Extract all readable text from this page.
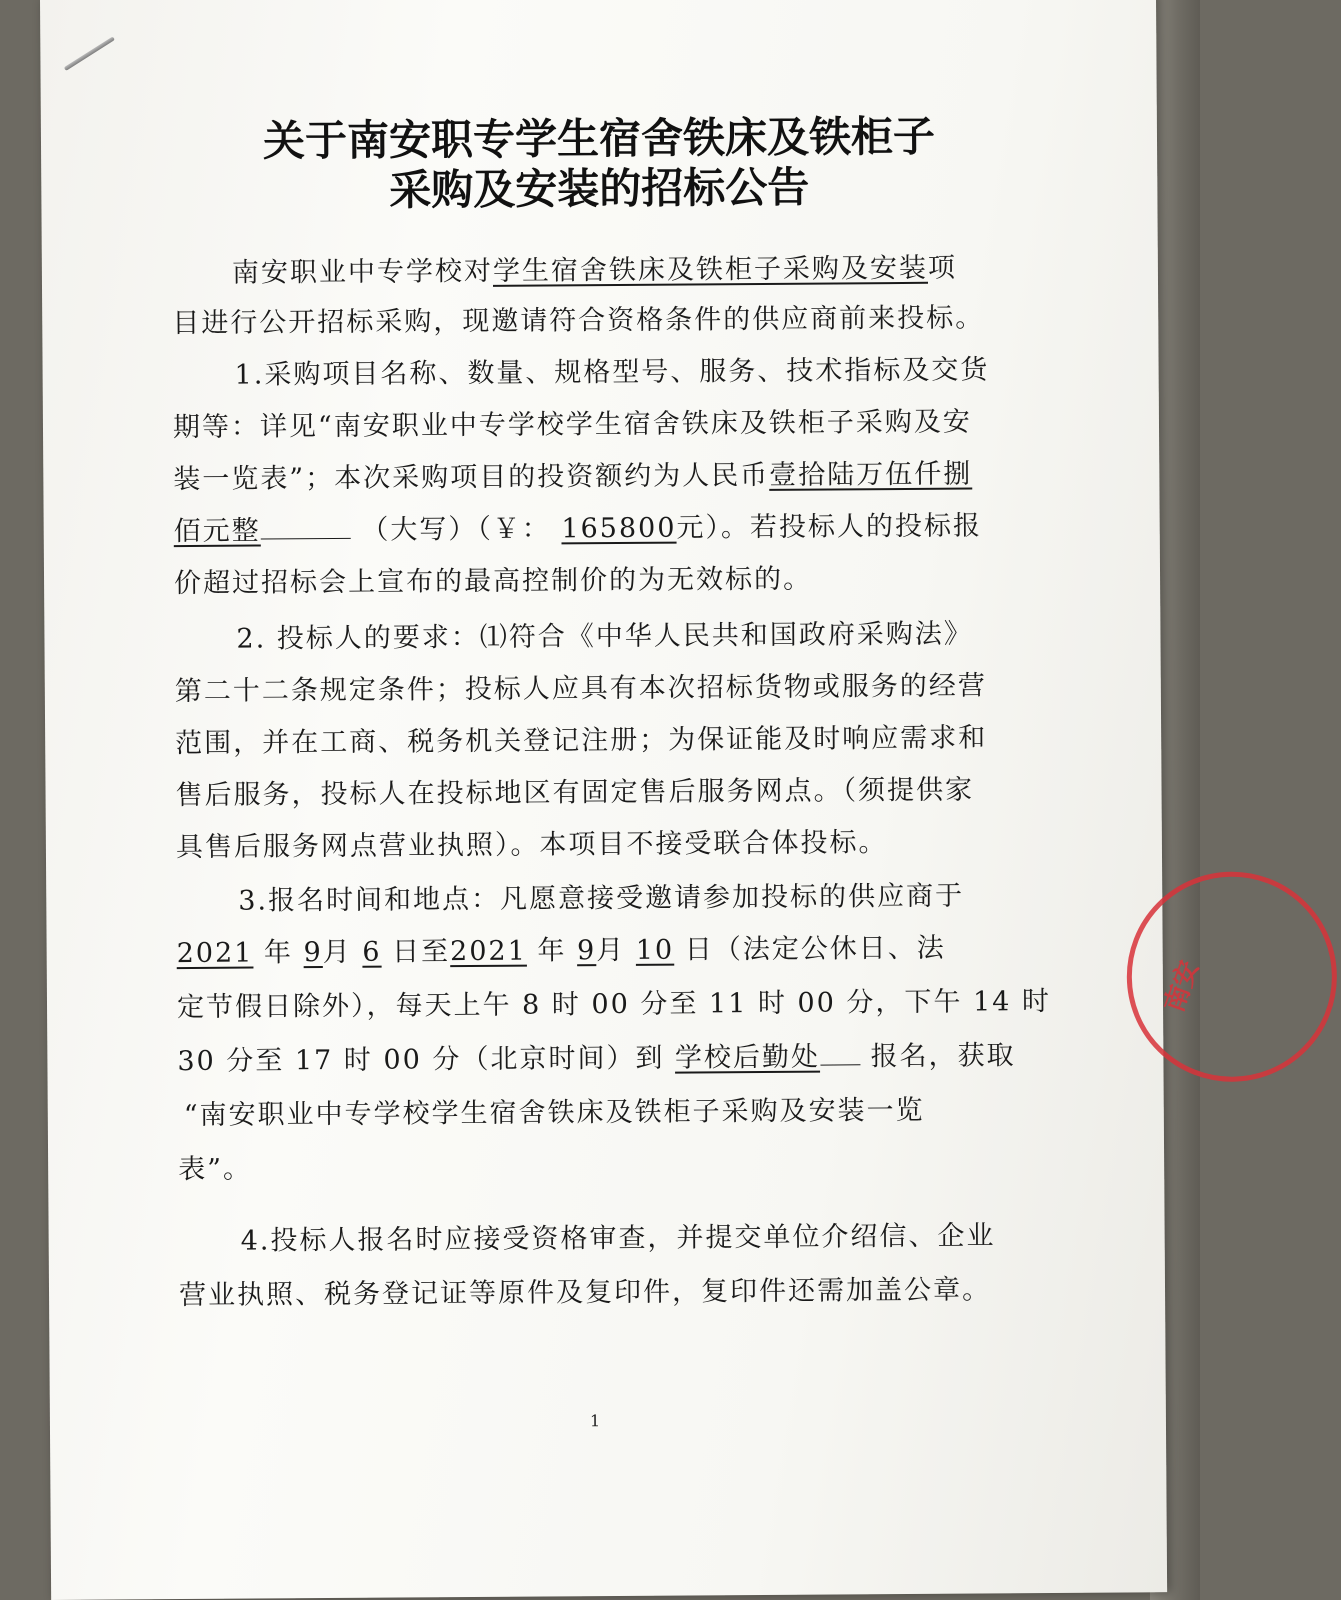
关于南安职专学生宿舍铁床及铁柜子
采购及安装的招标公告
南安职业中专学校对学生宿舍铁床及铁柜子采购及安装项
目进行公开招标采购，现邀请符合资格条件的供应商前来投标。
1.采购项目名称、数量、规格型号、服务、技术指标及交货
期等：详见“南安职业中专学校学生宿舍铁床及铁柜子采购及安
装一览表”；本次采购项目的投资额约为人民币壹拾陆万伍仟捌
佰元整	（大写）（￥： 165800元）。若投标人的投标报
价超过招标会上宣布的最高控制价的为无效标的。
2. 投标人的要求：⑴符合《中华人民共和国政府采购法》
第二十二条规定条件；投标人应具有本次招标货物或服务的经营
范围，并在工商、税务机关登记注册；为保证能及时响应需求和
售后服务，投标人在投标地区有固定售后服务网点。（须提供家
具售后服务网点营业执照）。本项目不接受联合体投标。
3.报名时间和地点：凡愿意接受邀请参加投标的供应商于
2021 年 9月 6 日至2021 年 9月 10 日（法定公休日、法
定节假日除外），每天上午 8 时 00 分至 11 时 00 分，下午 14 时
30 分至 17 时 00 分（北京时间）到 学校后勤处 报名，获取
“南安职业中专学校学生宿舍铁床及铁柜子采购及安装一览
表”。
4.投标人报名时应接受资格审查，并提交单位介绍信、企业
营业执照、税务登记证等原件及复印件，复印件还需加盖公章。
1
南安
